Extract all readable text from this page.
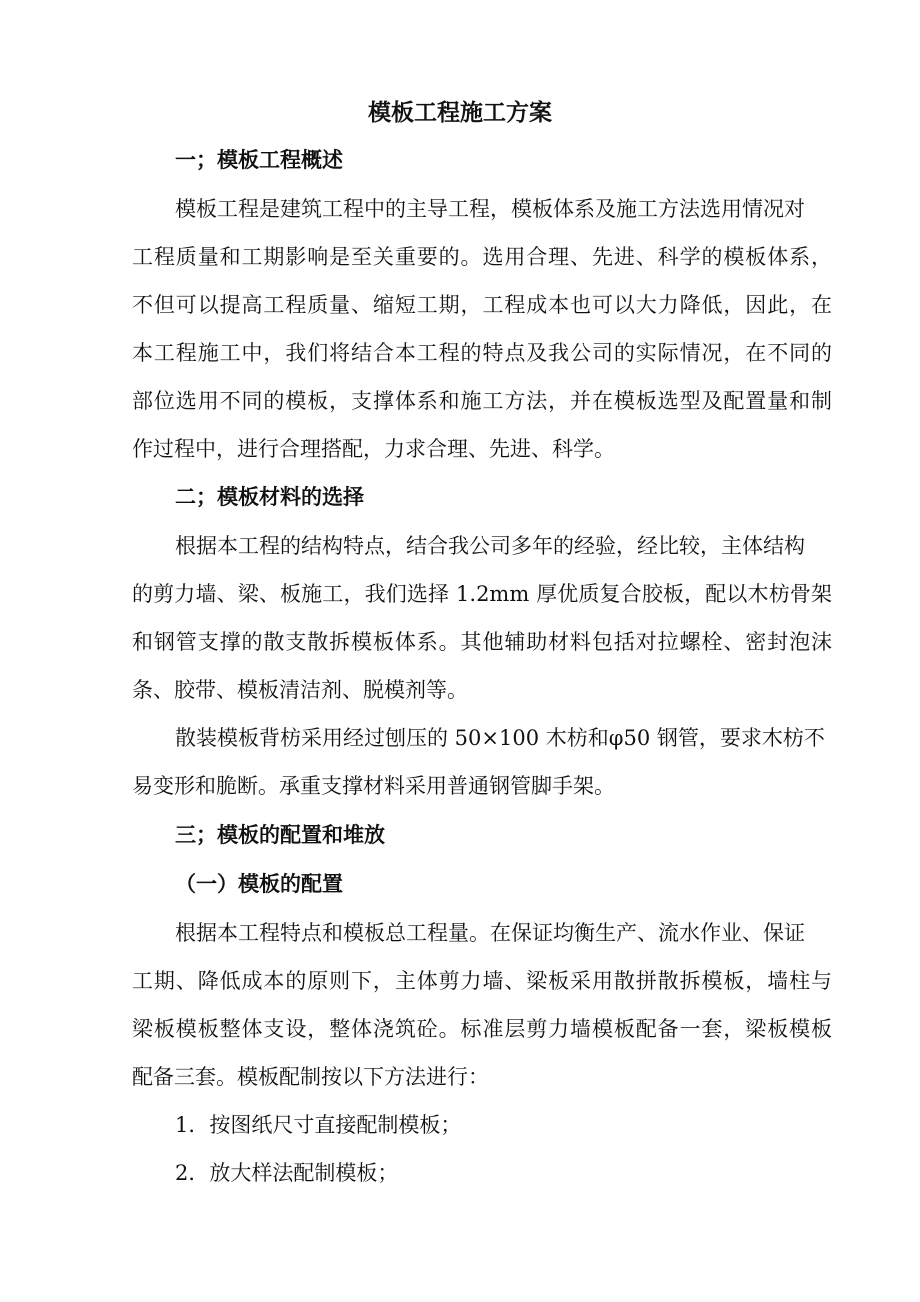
模板工程施工方案
一；模板工程概述
模板工程是建筑工程中的主导工程，模板体系及施工方法选用情况对
工程质量和工期影响是至关重要的。选用合理、先进、科学的模板体系，
不但可以提高工程质量、缩短工期，工程成本也可以大力降低，因此，在
本工程施工中，我们将结合本工程的特点及我公司的实际情况，在不同的
部位选用不同的模板，支撑体系和施工方法，并在模板选型及配置量和制
作过程中，进行合理搭配，力求合理、先进、科学。
二；模板材料的选择
根据本工程的结构特点，结合我公司多年的经验，经比较，主体结构
的剪力墙、梁、板施工，我们选择 1.2mm 厚优质复合胶板，配以木枋骨架
和钢管支撑的散支散拆模板体系。其他辅助材料包括对拉螺栓、密封泡沫
条、胶带、模板清洁剂、脱模剂等。
散装模板背枋采用经过刨压的 50×100 木枋和φ50 钢管，要求木枋不
易变形和脆断。承重支撑材料采用普通钢管脚手架。
三；模板的配置和堆放
（一）模板的配置
根据本工程特点和模板总工程量。在保证均衡生产、流水作业、保证
工期、降低成本的原则下，主体剪力墙、梁板采用散拼散拆模板，墙柱与
梁板模板整体支设，整体浇筑砼。标准层剪力墙模板配备一套，梁板模板
配备三套。模板配制按以下方法进行：
1．按图纸尺寸直接配制模板；
2．放大样法配制模板；
